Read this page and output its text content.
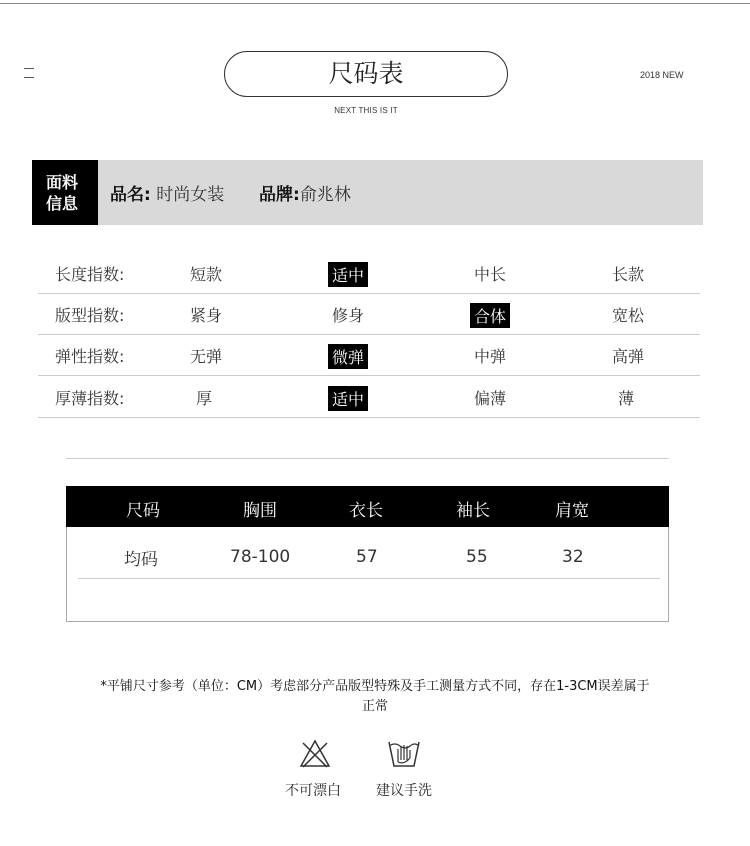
尺码表
NEXT THIS IS IT
2018 NEW
面料
信息	品名: 时尚女装 品牌:俞兆林
长度指数:	短款	适中	中长	长款
版型指数:	紧身	修身	合体	宽松
弹性指数:	无弹	微弹	中弹	高弹
厚薄指数:	厚	适中	偏薄	薄
尺码	胸围	衣长	袖长	肩宽
均码	78-100	57	55	32
*平铺尺寸参考（单位：CM）考虑部分产品版型特殊及手工测量方式不同，存在1-3CM误差属于
正常
不可漂白	建议手洗
